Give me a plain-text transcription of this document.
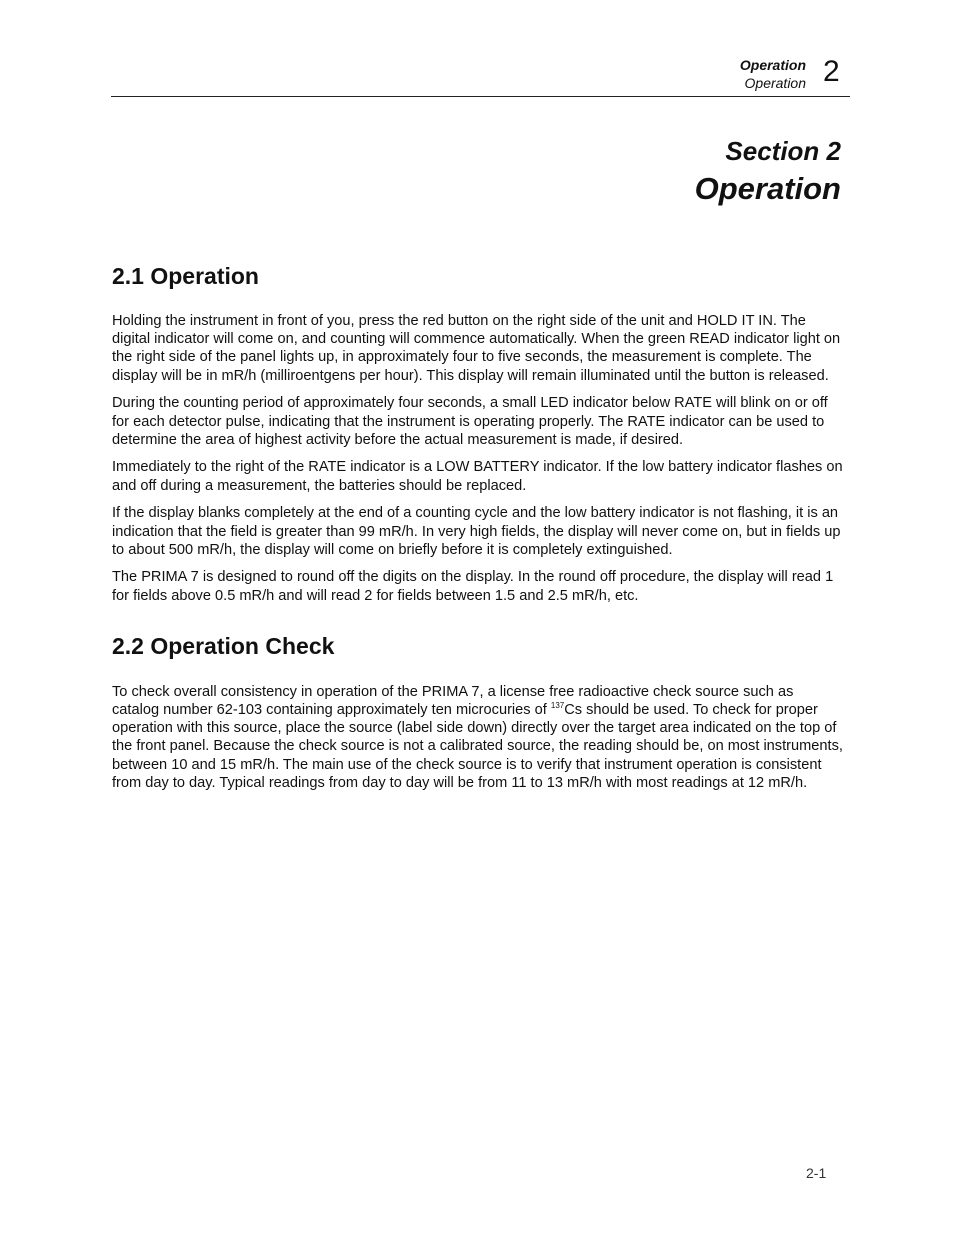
Operation
Operation 2
Section 2
Operation
2.1 Operation

Holding the instrument in front of you, press the red button on the right side of the unit and HOLD IT IN. The digital indicator will come on, and counting will commence automatically. When the green READ indicator light on the right side of the panel lights up, in approximately four to five seconds, the measurement is complete. The display will be in mR/h (milliroentgens per hour). This display will remain illuminated until the button is released.

During the counting period of approximately four seconds, a small LED indicator below RATE will blink on or off for each detector pulse, indicating that the instrument is operating properly. The RATE indicator can be used to determine the area of highest activity before the actual measurement is made, if desired.

Immediately to the right of the RATE indicator is a LOW BATTERY indicator. If the low battery indicator flashes on and off during a measurement, the batteries should be replaced.

If the display blanks completely at the end of a counting cycle and the low battery indicator is not flashing, it is an indication that the field is greater than 99 mR/h. In very high fields, the display will never come on, but in fields up to about 500 mR/h, the display will come on briefly before it is completely extinguished.

The PRIMA 7 is designed to round off the digits on the display. In the round off procedure, the display will read 1 for fields above 0.5 mR/h and will read 2 for fields between 1.5 and 2.5 mR/h, etc.

2.2 Operation Check

To check overall consistency in operation of the PRIMA 7, a license free radioactive check source such as catalog number 62-103 containing approximately ten microcuries of $^{137}$Cs should be used. To check for proper operation with this source, place the source (label side down) directly over the target area indicated on the top of the front panel. Because the check source is not a calibrated source, the reading should be, on most instruments, between 10 and 15 mR/h. The main use of the check source is to verify that instrument operation is consistent from day to day. Typical readings from day to day will be from 11 to 13 mR/h with most readings at 12 mR/h.

2-1
